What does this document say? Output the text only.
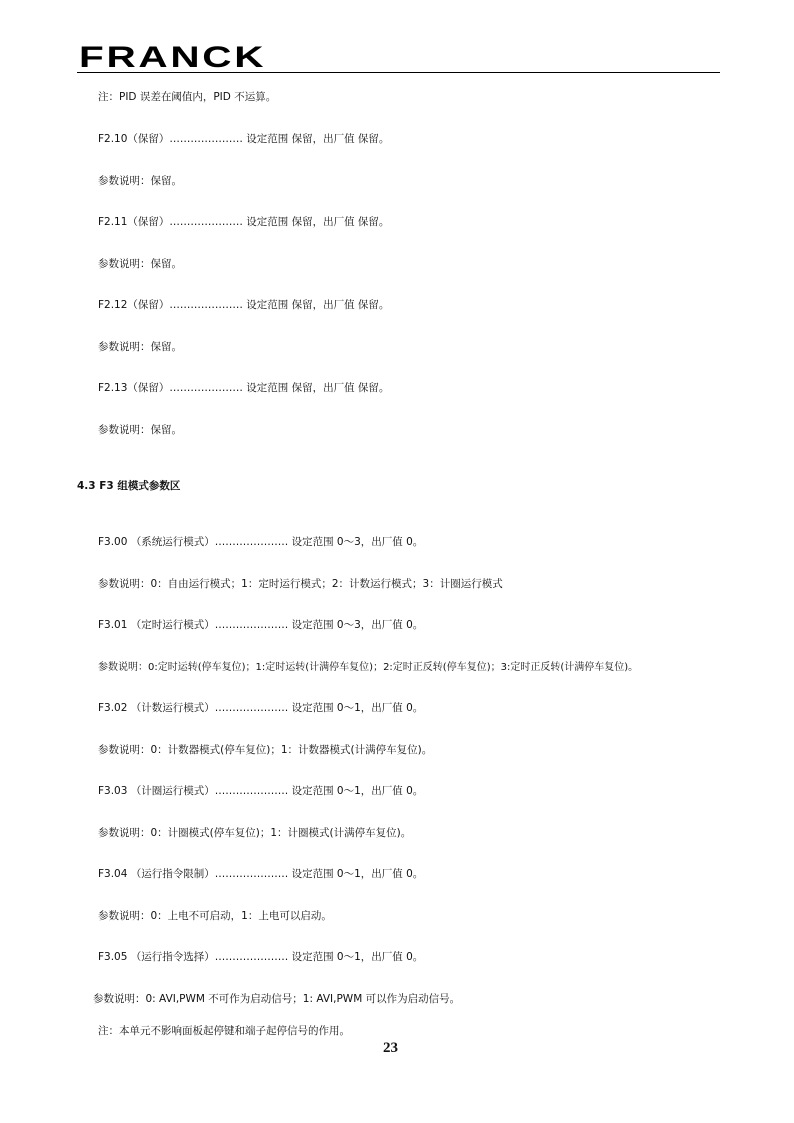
FRANCK
注：PID 误差在阈值内，PID 不运算。
F2.10（保留）………………… 设定范围 保留，出厂值 保留。
参数说明：保留。
F2.11（保留）………………… 设定范围 保留，出厂值 保留。
参数说明：保留。
F2.12（保留）………………… 设定范围 保留，出厂值 保留。
参数说明：保留。
F2.13（保留）………………… 设定范围 保留，出厂值 保留。
参数说明：保留。
4.3 F3 组模式参数区
F3.00 （系统运行模式）………………… 设定范围 0～3，出厂值 0。
参数说明：0：自由运行模式；1：定时运行模式；2：计数运行模式；3：计圈运行模式
F3.01 （定时运行模式）………………… 设定范围 0～3，出厂值 0。
参数说明：0:定时运转(停车复位)；1:定时运转(计满停车复位)；2:定时正反转(停车复位)；3:定时正反转(计满停车复位)。
F3.02 （计数运行模式）………………… 设定范围 0～1，出厂值 0。
参数说明：0：计数器模式(停车复位)；1：计数器模式(计满停车复位)。
F3.03 （计圈运行模式）………………… 设定范围 0～1，出厂值 0。
参数说明：0：计圈模式(停车复位)；1：计圈模式(计满停车复位)。
F3.04 （运行指令限制）………………… 设定范围 0～1，出厂值 0。
参数说明：0：上电不可启动，1：上电可以启动。
F3.05 （运行指令选择）………………… 设定范围 0～1，出厂值 0。
参数说明：0: AVI,PWM 不可作为启动信号；1: AVI,PWM 可以作为启动信号。
注：本单元不影响面板起停键和端子起停信号的作用。
23
